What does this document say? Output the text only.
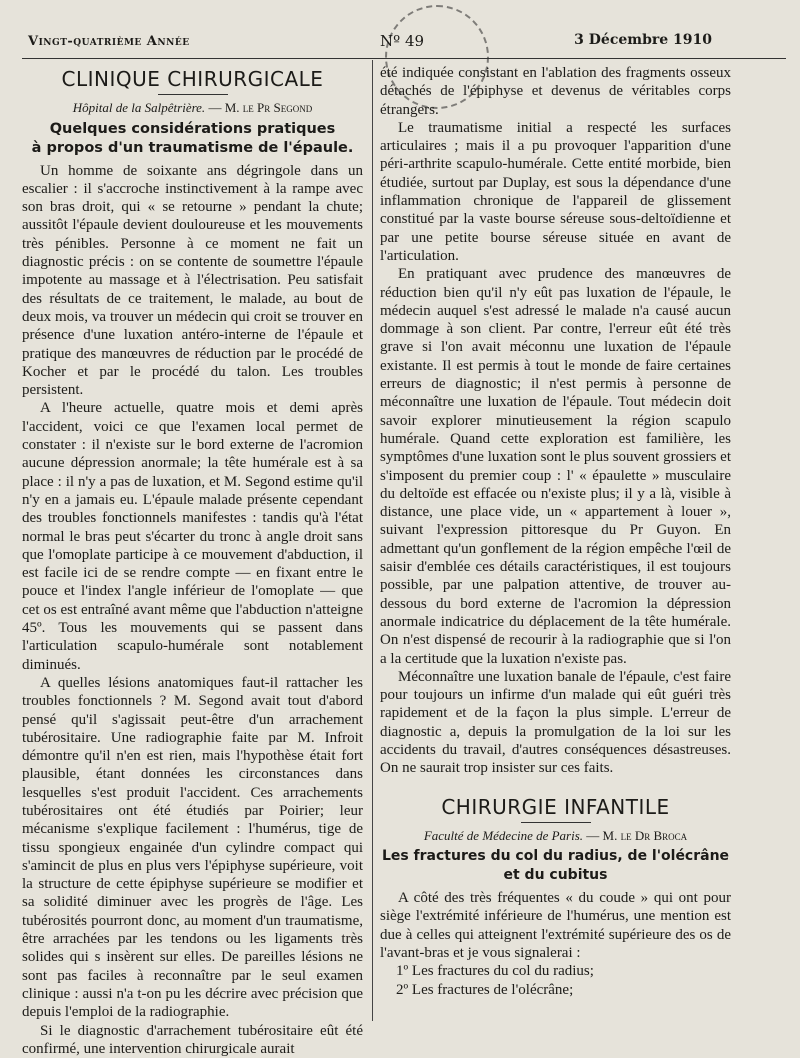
Vingt-quatrième Année	Nº 49	3 Décembre 1910
CLINIQUE CHIRURGICALE
Hôpital de la Salpêtrière. — M. le Pr Segond
Quelques considérations pratiques
à propos d'un traumatisme de l'épaule.

Un homme de soixante ans dégringole dans un escalier : il s'accroche instinctivement à la rampe avec son bras droit, qui « se retourne » pendant la chute; aussitôt l'épaule devient douloureuse et les mouvements très pénibles. Personne à ce moment ne fait un diagnostic précis : on se contente de soumettre l'épaule impotente au massage et à l'électrisation. Peu satisfait des résultats de ce traitement, le malade, au bout de deux mois, va trouver un médecin qui croit se trouver en présence d'une luxation antéro-interne de l'épaule et pratique des manœuvres de réduction par le procédé de Kocher et par le procédé du talon. Les troubles persistent.

A l'heure actuelle, quatre mois et demi après l'accident, voici ce que l'examen local permet de constater : il n'existe sur le bord externe de l'acromion aucune dépression anormale; la tête humérale est à sa place : il n'y a pas de luxation, et M. Segond estime qu'il n'y en a jamais eu. L'épaule malade présente cependant des troubles fonctionnels manifestes : tandis qu'à l'état normal le bras peut s'écarter du tronc à angle droit sans que l'omoplate participe à ce mouvement d'abduction, il est facile ici de se rendre compte — en fixant entre le pouce et l'index l'angle inférieur de l'omoplate — que cet os est entraîné avant même que l'abduction n'atteigne 45º. Tous les mouvements qui se passent dans l'articulation scapulo-humérale sont notablement diminués.

A quelles lésions anatomiques faut-il rattacher les troubles fonctionnels ? M. Segond avait tout d'abord pensé qu'il s'agissait peut-être d'un arrachement tubérositaire. Une radiographie faite par M. Infroit démontre qu'il n'en est rien, mais l'hypothèse était fort plausible, étant données les circonstances dans lesquelles s'est produit l'accident. Ces arrachements tubérositaires ont été étudiés par Poirier; leur mécanisme s'explique facilement : l'humérus, tige de tissu spongieux engainée d'un cylindre compact qui s'amincit de plus en plus vers l'épiphyse supérieure, voit la structure de cette épiphyse supérieure se modifier et sa solidité diminuer avec les progrès de l'âge. Les tubérosités pourront donc, au moment d'un traumatisme, être arrachées par les tendons ou les ligaments très solides qui s insèrent sur elles. De pareilles lésions ne sont pas faciles à reconnaître par le seul examen clinique : aussi n'a t-on pu les décrire avec précision que depuis l'emploi de la radiographie.

Si le diagnostic d'arrachement tubérositaire eût été confirmé, une intervention chirurgicale aurait

été indiquée consistant en l'ablation des fragments osseux détachés de l'épiphyse et devenus de véritables corps étrangers.

Le traumatisme initial a respecté les surfaces articulaires ; mais il a pu provoquer l'apparition d'une péri-arthrite scapulo-humérale. Cette entité morbide, bien étudiée, surtout par Duplay, est sous la dépendance d'une inflammation chronique de l'appareil de glissement constitué par la vaste bourse séreuse sous-deltoïdienne et par une petite bourse séreuse située en avant de l'articulation.

En pratiquant avec prudence des manœuvres de réduction bien qu'il n'y eût pas luxation de l'épaule, le médecin auquel s'est adressé le malade n'a causé aucun dommage à son client. Par contre, l'erreur eût été très grave si l'on avait méconnu une luxation de l'épaule existante. Il est permis à tout le monde de faire certaines erreurs de diagnostic; il n'est permis à personne de méconnaître une luxation de l'épaule. Tout médecin doit savoir explorer minutieusement la région scapulo humérale. Quand cette exploration est familière, les symptômes d'une luxation sont le plus souvent grossiers et s'imposent du premier coup : l' « épaulette » musculaire du deltoïde est effacée ou n'existe plus; il y a là, visible à distance, une place vide, un « appartement à louer », suivant l'expression pittoresque du Pr Guyon. En admettant qu'un gonflement de la région empêche l'œil de saisir d'emblée ces détails caractéristiques, il est toujours possible, par une palpation attentive, de trouver au-dessous du bord externe de l'acromion la dépression anormale indicatrice du déplacement de la tête humérale. On n'est dispensé de recourir à la radiographie que si l'on a la certitude que la luxation n'existe pas.

Méconnaître une luxation banale de l'épaule, c'est faire pour toujours un infirme d'un malade qui eût guéri très rapidement et de la façon la plus simple. L'erreur de diagnostic a, depuis la promulgation de la loi sur les accidents du travail, d'autres conséquences désastreuses. On ne saurait trop insister sur ces faits.

CHIRURGIE INFANTILE
Faculté de Médecine de Paris. — M. le Dr Broca
Les fractures du col du radius, de l'olécrâne
et du cubitus

A côté des très fréquentes « du coude » qui ont pour siège l'extrémité inférieure de l'humérus, une mention est due à celles qui atteignent l'extrémité supérieure des os de l'avant-bras et je vous signalerai :

1º Les fractures du col du radius;
2º Les fractures de l'olécrâne;
